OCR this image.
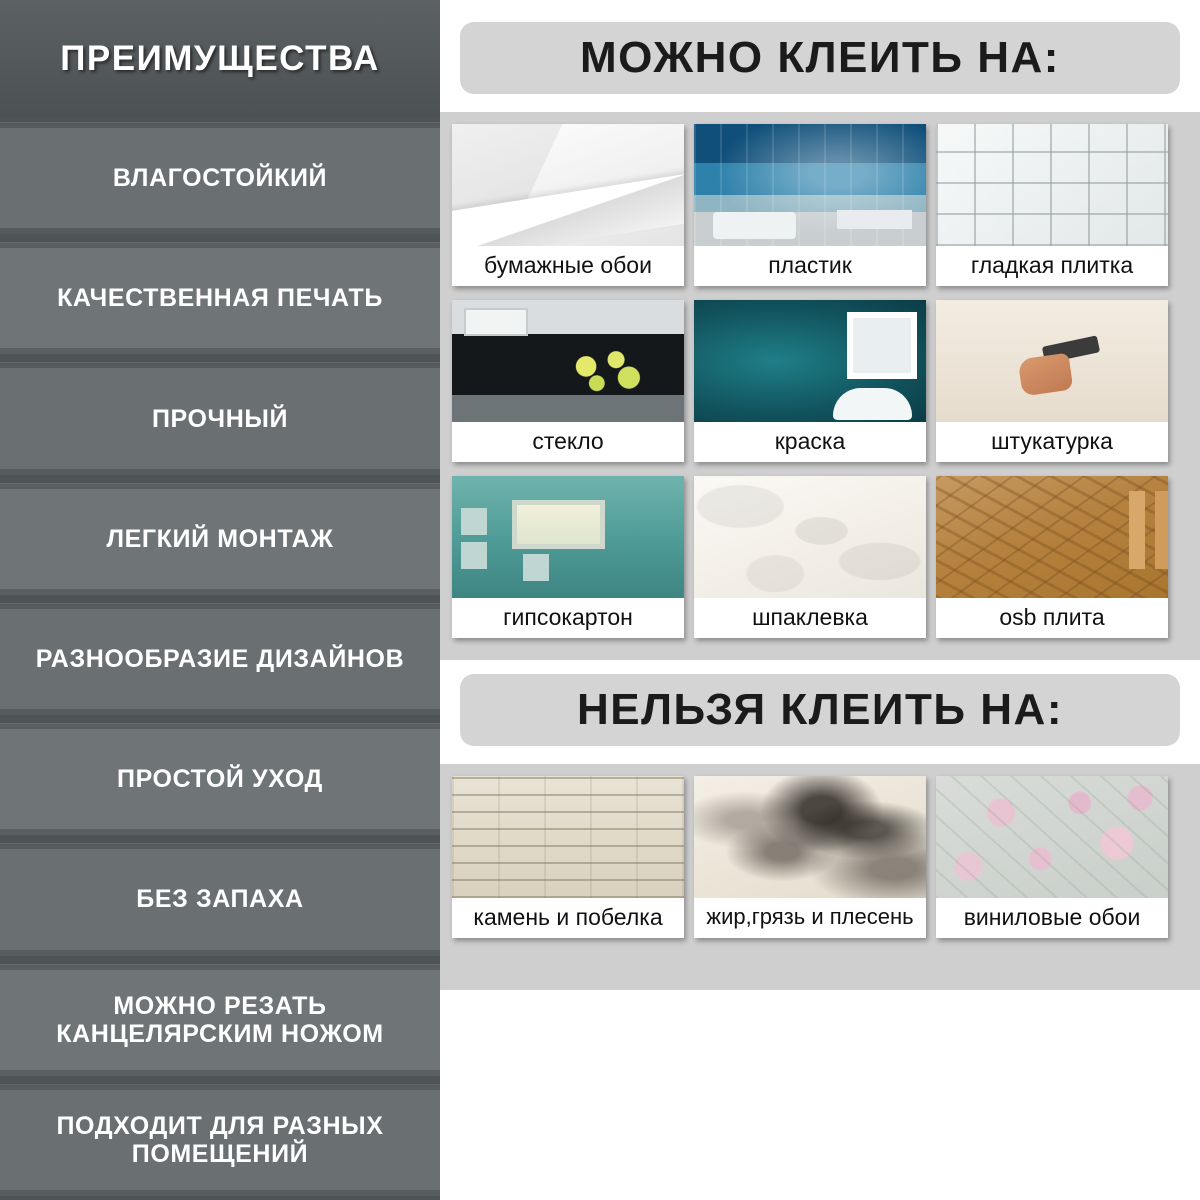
ПРЕИМУЩЕСТВА
ВЛАГОСТОЙКИЙ
КАЧЕСТВЕННАЯ ПЕЧАТЬ
ПРОЧНЫЙ
ЛЕГКИЙ МОНТАЖ
РАЗНООБРАЗИЕ ДИЗАЙНОВ
ПРОСТОЙ УХОД
БЕЗ ЗАПАХА
МОЖНО РЕЗАТЬ КАНЦЕЛЯРСКИМ НОЖОМ
ПОДХОДИТ ДЛЯ РАЗНЫХ ПОМЕЩЕНИЙ
МОЖНО КЛЕИТЬ НА:
бумажные обои	пластик	гладкая плитка
стекло	краска	штукатурка
гипсокартон	шпаклевка	osb плита
НЕЛЬЗЯ КЛЕИТЬ НА:
камень и побелка	жир,грязь и плесень	виниловые обои
